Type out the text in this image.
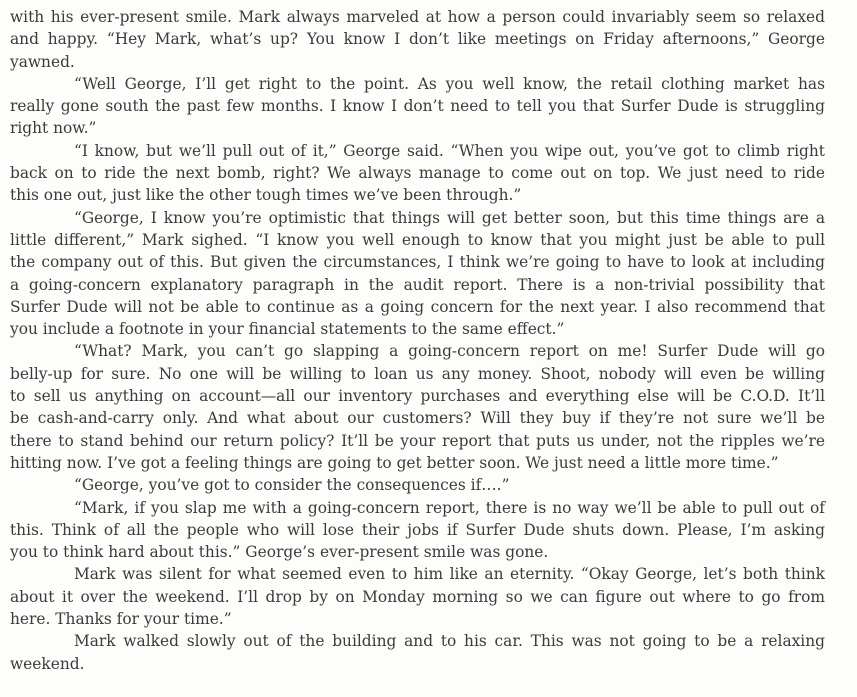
with his ever-present smile. Mark always marveled at how a person could invariably seem so relaxed
and happy. “Hey Mark, what’s up? You know I don’t like meetings on Friday afternoons,” George
yawned.
“Well George, I’ll get right to the point. As you well know, the retail clothing market has
really gone south the past few months. I know I don’t need to tell you that Surfer Dude is struggling
right now.”
“I know, but we’ll pull out of it,” George said. “When you wipe out, you’ve got to climb right
back on to ride the next bomb, right? We always manage to come out on top. We just need to ride
this one out, just like the other tough times we’ve been through.”
“George, I know you’re optimistic that things will get better soon, but this time things are a
little different,” Mark sighed. “I know you well enough to know that you might just be able to pull
the company out of this. But given the circumstances, I think we’re going to have to look at including
a going-concern explanatory paragraph in the audit report. There is a non-trivial possibility that
Surfer Dude will not be able to continue as a going concern for the next year. I also recommend that
you include a footnote in your financial statements to the same effect.”
“What? Mark, you can’t go slapping a going-concern report on me! Surfer Dude will go
belly-up for sure. No one will be willing to loan us any money. Shoot, nobody will even be willing
to sell us anything on account—all our inventory purchases and everything else will be C.O.D. It’ll
be cash-and-carry only. And what about our customers? Will they buy if they’re not sure we’ll be
there to stand behind our return policy? It’ll be your report that puts us under, not the ripples we’re
hitting now. I’ve got a feeling things are going to get better soon. We just need a little more time.”
“George, you’ve got to consider the consequences if….”
“Mark, if you slap me with a going-concern report, there is no way we’ll be able to pull out of
this. Think of all the people who will lose their jobs if Surfer Dude shuts down. Please, I’m asking
you to think hard about this.” George’s ever-present smile was gone.
Mark was silent for what seemed even to him like an eternity. “Okay George, let’s both think
about it over the weekend. I’ll drop by on Monday morning so we can figure out where to go from
here. Thanks for your time.”
Mark walked slowly out of the building and to his car. This was not going to be a relaxing
weekend.
